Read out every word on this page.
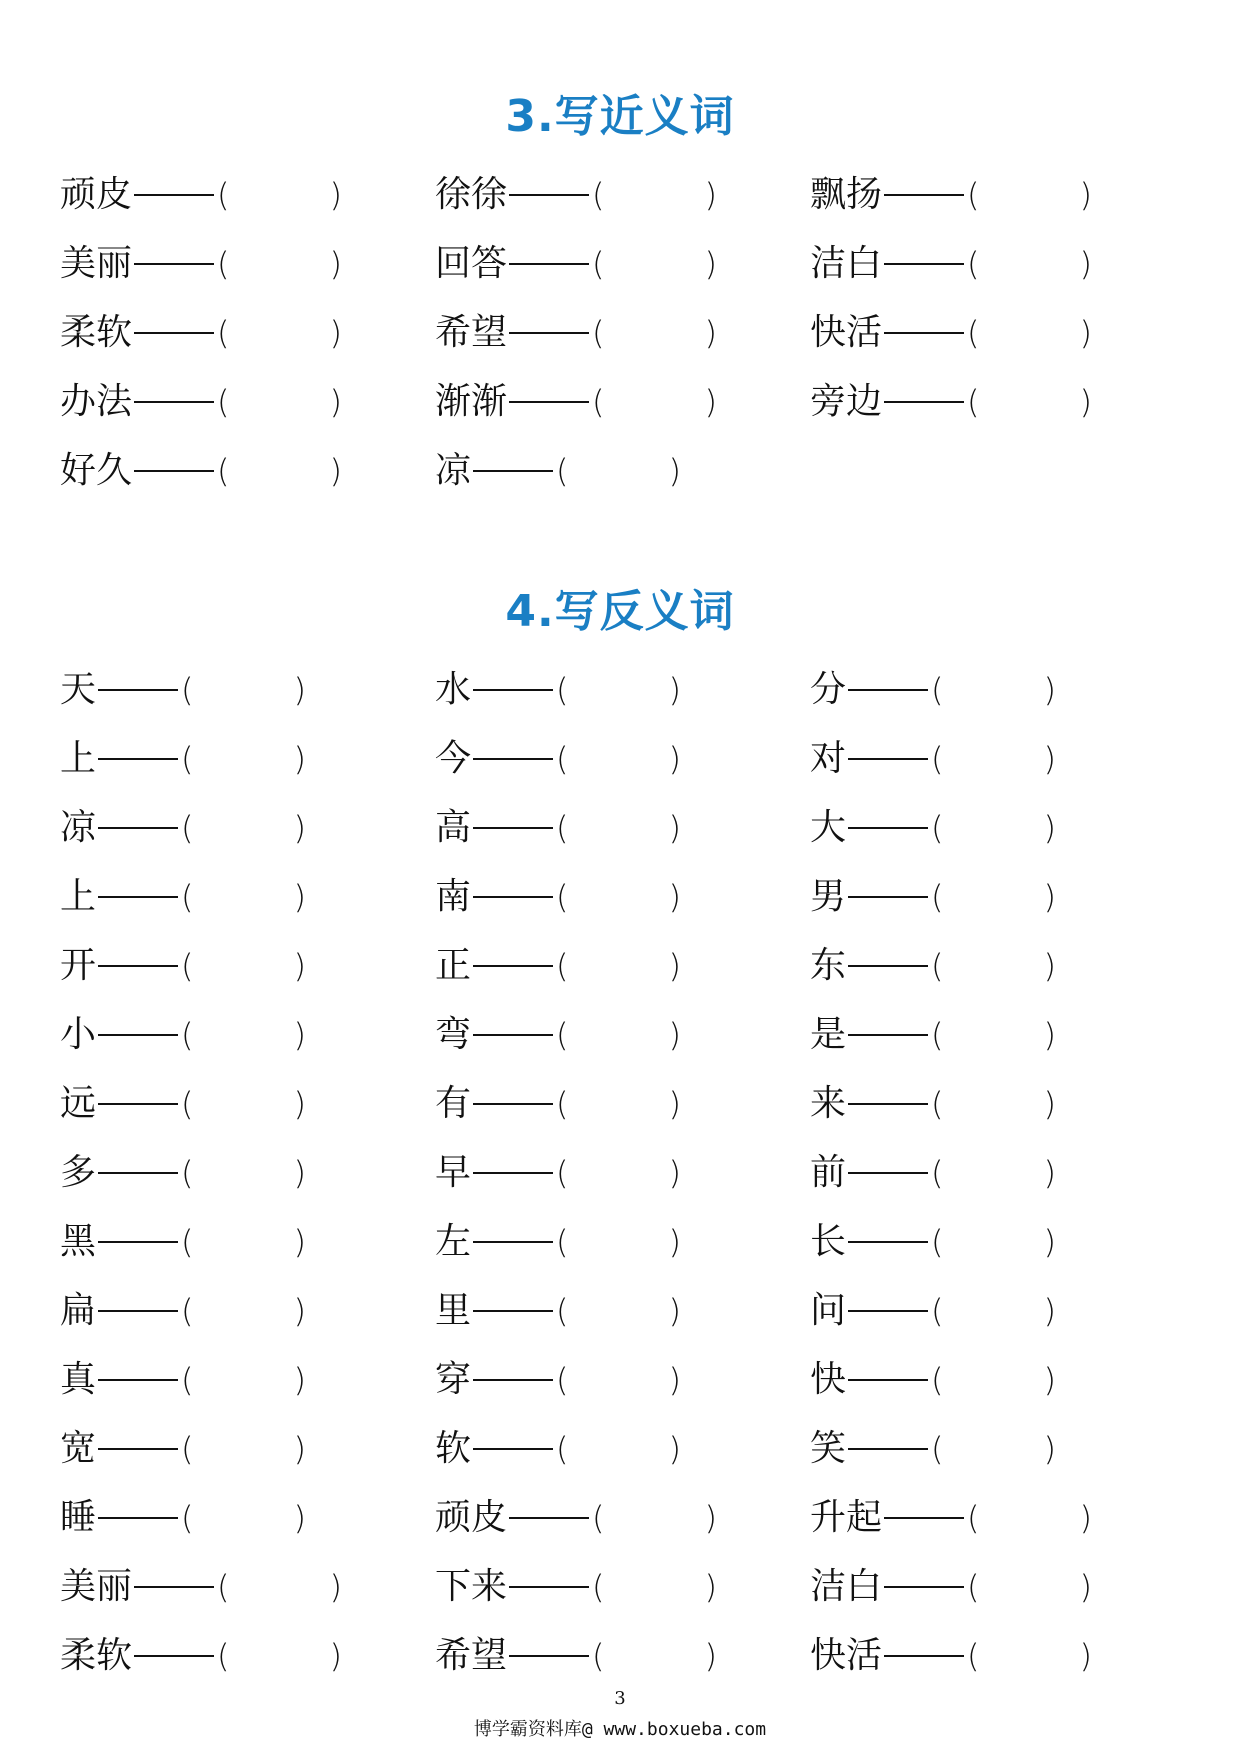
3.写近义词
顽皮	(	)	徐徐	(	)	飘扬	(	)
美丽	(	)	回答	(	)	洁白	(	)
柔软	(	)	希望	(	)	快活	(	)
办法	(	)	渐渐	(	)	旁边	(	)
好久	(	)	凉	(	)
4.写反义词
天	(	)	水	(	)	分	(	)
上	(	)	今	(	)	对	(	)
凉	(	)	高	(	)	大	(	)
上	(	)	南	(	)	男	(	)
开	(	)	正	(	)	东	(	)
小	(	)	弯	(	)	是	(	)
远	(	)	有	(	)	来	(	)
多	(	)	早	(	)	前	(	)
黑	(	)	左	(	)	长	(	)
扁	(	)	里	(	)	问	(	)
真	(	)	穿	(	)	快	(	)
宽	(	)	软	(	)	笑	(	)
睡	(	)	顽皮	(	)	升起	(	)
美丽	(	)	下来	(	)	洁白	(	)
柔软	(	)	希望	(	)	快活	(	)
3
博学霸资料库@ www.boxueba.com
